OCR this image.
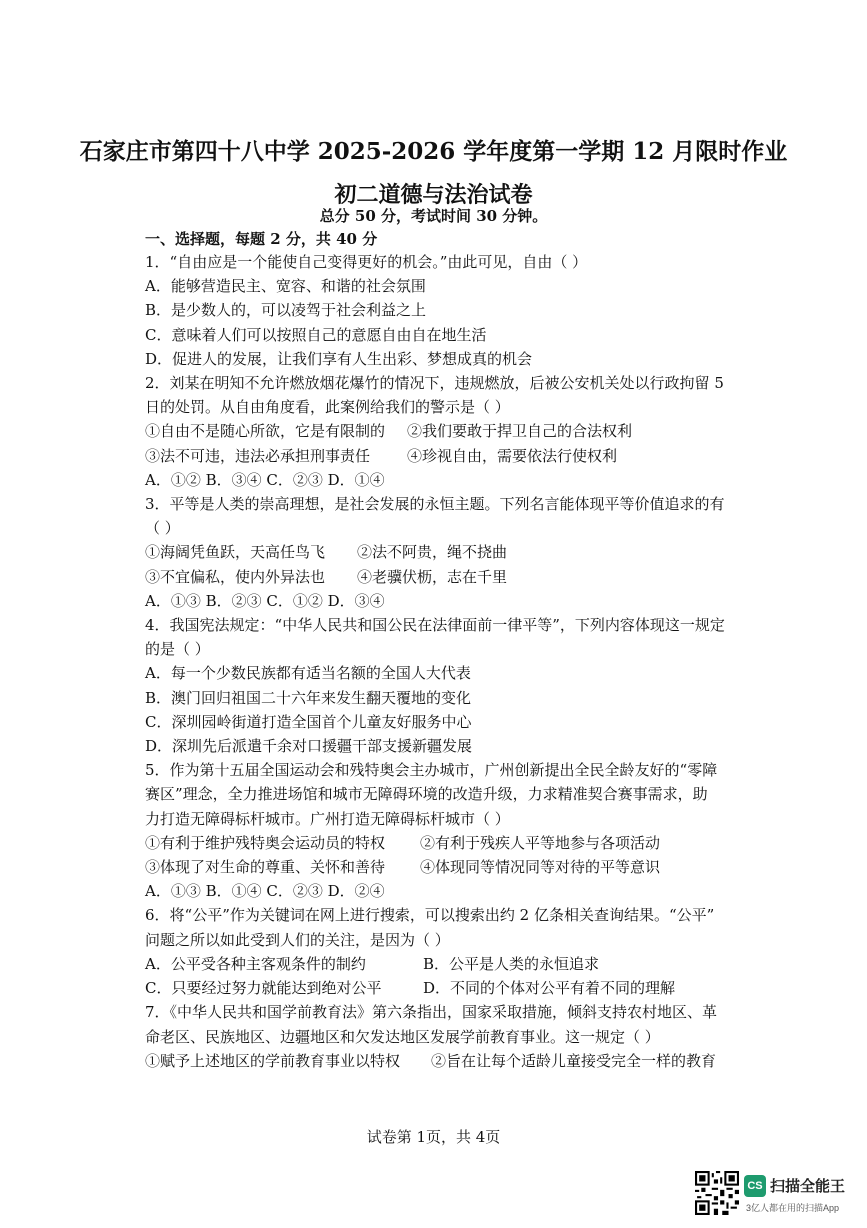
石家庄市第四十八中学 2025-2026 学年度第一学期 12 月限时作业
初二道德与法治试卷
总分 50 分，考试时间 30 分钟。
一、选择题，每题 2 分，共 40 分
1．“自由应是一个能使自己变得更好的机会。”由此可见，自由（ ）
A．能够营造民主、宽容、和谐的社会氛围
B．是少数人的，可以凌驾于社会利益之上
C．意味着人们可以按照自己的意愿自由自在地生活
D．促进人的发展，让我们享有人生出彩、梦想成真的机会
2．刘某在明知不允许燃放烟花爆竹的情况下，违规燃放，后被公安机关处以行政拘留 5
日的处罚。从自由角度看，此案例给我们的警示是（ ）
①自由不是随心所欲，它是有限制的	②我们要敢于捍卫自己的合法权利
③法不可违，违法必承担刑事责任	④珍视自由，需要依法行使权利
A．①② B．③④ C．②③ D．①④
3．平等是人类的崇高理想，是社会发展的永恒主题。下列名言能体现平等价值追求的有
（ ）
①海阔凭鱼跃，天高任鸟飞	②法不阿贵，绳不挠曲
③不宜偏私，使内外异法也	④老骥伏枥，志在千里
A．①③ B．②③ C．①② D．③④
4．我国宪法规定：“中华人民共和国公民在法律面前一律平等”，下列内容体现这一规定
的是（ ）
A．每一个少数民族都有适当名额的全国人大代表
B．澳门回归祖国二十六年来发生翻天覆地的变化
C．深圳园岭街道打造全国首个儿童友好服务中心
D．深圳先后派遣千余对口援疆干部支援新疆发展
5．作为第十五届全国运动会和残特奥会主办城市，广州创新提出全民全龄友好的“零障
赛区”理念，全力推进场馆和城市无障碍环境的改造升级，力求精准契合赛事需求，助
力打造无障碍标杆城市。广州打造无障碍标杆城市（ ）
①有利于维护残特奥会运动员的特权	②有利于残疾人平等地参与各项活动
③体现了对生命的尊重、关怀和善待	④体现同等情况同等对待的平等意识
A．①③ B．①④ C．②③ D．②④
6．将“公平”作为关键词在网上进行搜索，可以搜索出约 2 亿条相关查询结果。“公平”
问题之所以如此受到人们的关注，是因为（ ）
A．公平受各种主客观条件的制约	B．公平是人类的永恒追求
C．只要经过努力就能达到绝对公平	D．不同的个体对公平有着不同的理解
7．《中华人民共和国学前教育法》第六条指出，国家采取措施，倾斜支持农村地区、革
命老区、民族地区、边疆地区和欠发达地区发展学前教育事业。这一规定（ ）
①赋予上述地区的学前教育事业以特权	②旨在让每个适龄儿童接受完全一样的教育
试卷第 1页，共 4页
CS 扫描全能王
3亿人都在用的扫描App
